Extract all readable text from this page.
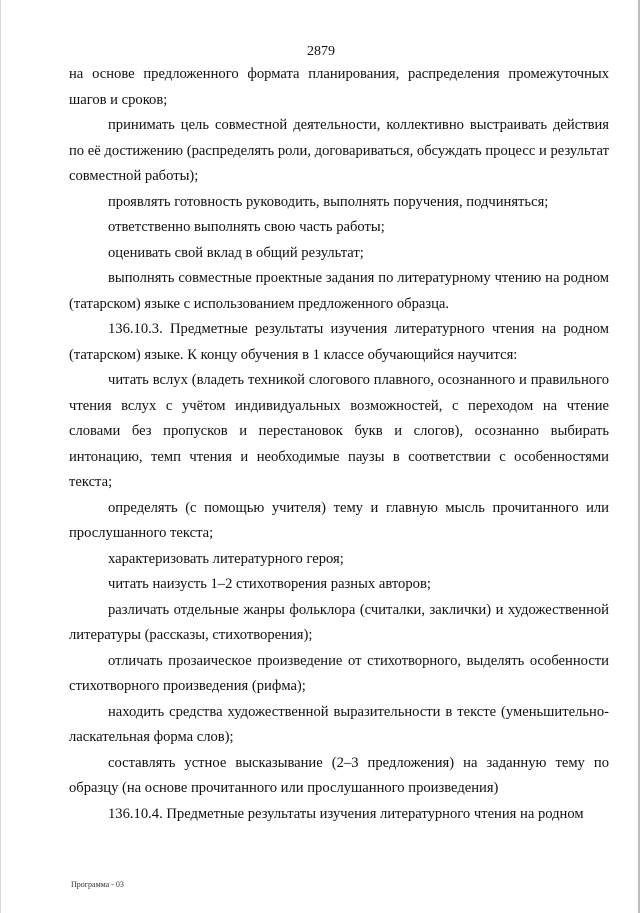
2879

на основе предложенного формата планирования, распределения промежуточных шагов и сроков;

принимать цель совместной деятельности, коллективно выстраивать действия по её достижению (распределять роли, договариваться, обсуждать процесс и результат совместной работы);

проявлять готовность руководить, выполнять поручения, подчиняться;

ответственно выполнять свою часть работы;

оценивать свой вклад в общий результат;

выполнять совместные проектные задания по литературному чтению на родном (татарском) языке с использованием предложенного образца.

136.10.3. Предметные результаты изучения литературного чтения на родном (татарском) языке. К концу обучения в 1 классе обучающийся научится:

читать вслух (владеть техникой слогового плавного, осознанного и правильного чтения вслух с учётом индивидуальных возможностей, с переходом на чтение словами без пропусков и перестановок букв и слогов), осознанно выбирать интонацию, темп чтения и необходимые паузы в соответствии с особенностями текста;

определять (с помощью учителя) тему и главную мысль прочитанного или прослушанного текста;

характеризовать литературного героя;

читать наизусть 1–2 стихотворения разных авторов;

различать отдельные жанры фольклора (считалки, заклички) и художественной литературы (рассказы, стихотворения);

отличать прозаическое произведение от стихотворного, выделять особенности стихотворного произведения (рифма);

находить средства художественной выразительности в тексте (уменьшительно-ласкательная форма слов);

составлять устное высказывание (2–3 предложения) на заданную тему по образцу (на основе прочитанного или прослушанного произведения)

136.10.4. Предметные результаты изучения литературного чтения на родном

Программа - 03
